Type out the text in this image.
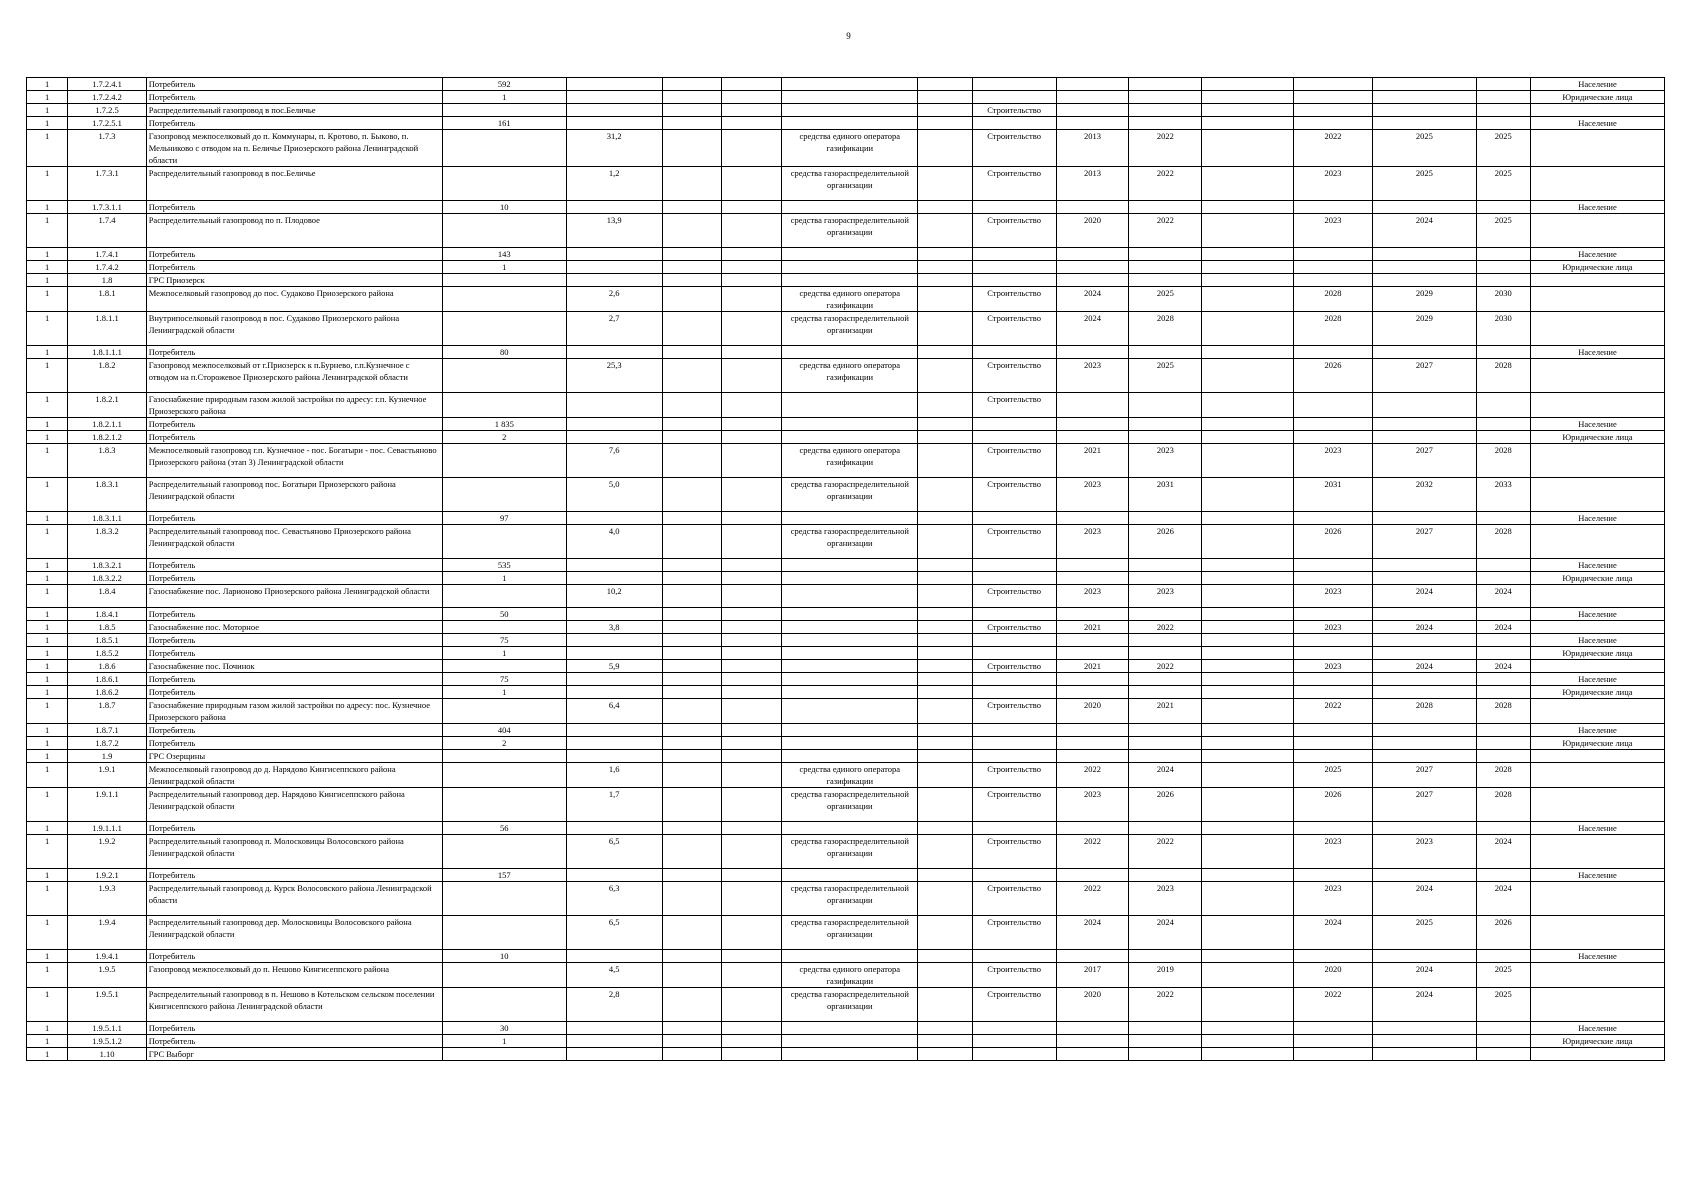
9
1	1.7.2.4.1	Потребитель	592													Население
1	1.7.2.4.2	Потребитель	1													Юридические лица
1	1.7.2.5	Распределительный газопровод в пос.Беличье							Строительство							
1	1.7.2.5.1	Потребитель	161													Население
1	1.7.3	Газопровод межпоселковый до п. Коммунары, п. Кротово, п. Быково, п. Мельниково с отводом на п. Беличье Приозерского района Ленинградской области		31,2			средства единого оператора газификации		Строительство	2013	2022		2022	2025	2025	
1	1.7.3.1	Распределительный газопровод в пос.Беличье		1,2			средства газораспределительной организации		Строительство	2013	2022		2023	2025	2025	
1	1.7.3.1.1	Потребитель	10													Население
1	1.7.4	Распределительный газопровод по п. Плодовое		13,9			средства газораспределительной организации		Строительство	2020	2022		2023	2024	2025	
1	1.7.4.1	Потребитель	143													Население
1	1.7.4.2	Потребитель	1													Юридические лица
1	1.8	ГРС Приозерск														
1	1.8.1	Межпоселковый газопровод до пос. Судаково Приозерского района		2,6			средства единого оператора газификации		Строительство	2024	2025		2028	2029	2030	
1	1.8.1.1	Внутрипоселковый газопровод в пос. Судаково Приозерского района Ленинградской области		2,7			средства газораспределительной организации		Строительство	2024	2028		2028	2029	2030	
1	1.8.1.1.1	Потребитель	80													Население
1	1.8.2	Газопровод межпоселковый от г.Приозерск к п.Бурнево, г.п.Кузнечное с отводом на п.Сторожевое Приозерского района Ленинградской области		25,3			средства единого оператора газификации		Строительство	2023	2025		2026	2027	2028	
1	1.8.2.1	Газоснабжение природным газом жилой застройки по адресу: г.п. Кузнечное Приозерского района							Строительство							
1	1.8.2.1.1	Потребитель	1 835													Население
1	1.8.2.1.2	Потребитель	2													Юридические лица
1	1.8.3	Межпоселковый газопровод г.п. Кузнечное - пос. Богатыри - пос. Севастьяново Приозерского района (этап 3) Ленинградской области		7,6			средства единого оператора газификации		Строительство	2021	2023		2023	2027	2028	
1	1.8.3.1	Распределительный газопровод пос. Богатыри Приозерского района Ленинградской области		5,0			средства газораспределительной организации		Строительство	2023	2031		2031	2032	2033	
1	1.8.3.1.1	Потребитель	97													Население
1	1.8.3.2	Распределительный газопровод пос. Севастьяново Приозерского района Ленинградской области		4,0			средства газораспределительной организации		Строительство	2023	2026		2026	2027	2028	
1	1.8.3.2.1	Потребитель	535													Население
1	1.8.3.2.2	Потребитель	1													Юридические лица
1	1.8.4	Газоснабжение пос. Ларионово Приозерского района Ленинградской области		10,2					Строительство	2023	2023		2023	2024	2024	
1	1.8.4.1	Потребитель	50													Население
1	1.8.5	Газоснабжение пос. Моторное		3,8					Строительство	2021	2022		2023	2024	2024	
1	1.8.5.1	Потребитель	75													Население
1	1.8.5.2	Потребитель	1													Юридические лица
1	1.8.6	Газоснабжение пос. Починок		5,9					Строительство	2021	2022		2023	2024	2024	
1	1.8.6.1	Потребитель	75													Население
1	1.8.6.2	Потребитель	1													Юридические лица
1	1.8.7	Газоснабжение природным газом жилой застройки по адресу: пос. Кузнечное Приозерского района		6,4					Строительство	2020	2021		2022	2028	2028	
1	1.8.7.1	Потребитель	404													Население
1	1.8.7.2	Потребитель	2													Юридические лица
1	1.9	ГРС Озерщины														
1	1.9.1	Межпоселковый газопровод до д. Нарядово Кингисеппского района Ленинградской области		1,6			средства единого оператора газификации		Строительство	2022	2024		2025	2027	2028	
1	1.9.1.1	Распределительный газопровод дер. Нарядово Кингисеппского района Ленинградской области		1,7			средства газораспределительной организации		Строительство	2023	2026		2026	2027	2028	
1	1.9.1.1.1	Потребитель	56													Население
1	1.9.2	Распределительный газопровод п. Молосковицы Волосовского района Ленинградской области		6,5			средства газораспределительной организации		Строительство	2022	2022		2023	2023	2024	
1	1.9.2.1	Потребитель	157													Население
1	1.9.3	Распределительный газопровод д. Курск Волосовского района Ленинградской области		6,3			средства газораспределительной организации		Строительство	2022	2023		2023	2024	2024	
1	1.9.4	Распределительный газопровод дер. Молосковицы Волосовского района Ленинградской области		6,5			средства газораспределительной организации		Строительство	2024	2024		2024	2025	2026	
1	1.9.4.1	Потребитель	10													Население
1	1.9.5	Газопровод межпоселковый до п. Нешово Кингисеппского района		4,5			средства единого оператора газификации		Строительство	2017	2019		2020	2024	2025	
1	1.9.5.1	Распределительный газопровод в п. Нешово в Котельском сельском поселении Кингисеппского района Ленинградской области		2,8			средства газораспределительной организации		Строительство	2020	2022		2022	2024	2025	
1	1.9.5.1.1	Потребитель	30													Население
1	1.9.5.1.2	Потребитель	1													Юридические лица
1	1.10	ГРС Выборг														
